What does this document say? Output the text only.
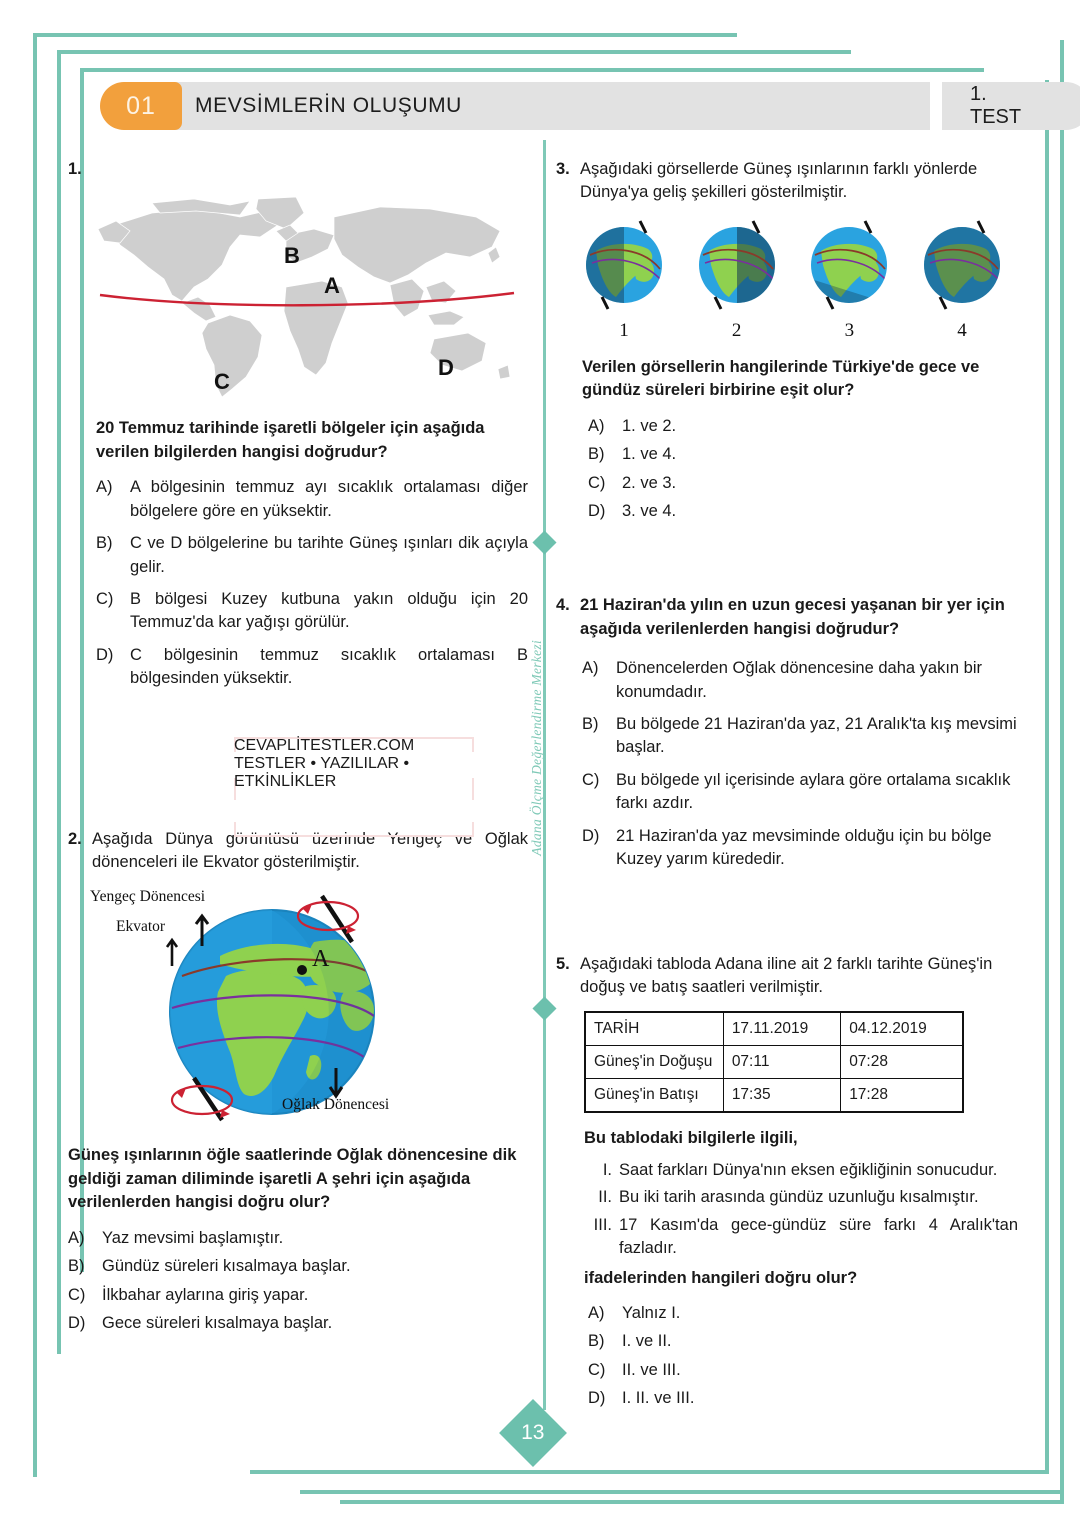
01	MEVSİMLERİN OLUŞUMU	1. TEST
Adana Ölçme Değerlendirme Merkezi
1.
B
A
C
D
20 Temmuz tarihinde işaretli bölgeler için aşağıda verilen bilgilerden hangisi doğrudur?
A)	A bölgesinin temmuz ayı sıcaklık ortalaması diğer bölgelere göre en yüksektir.
B)	C ve D bölgelerine bu tarihte Güneş ışınları dik açıyla gelir.
C)	B bölgesi Kuzey kutbuna yakın olduğu için 20 Temmuz'da kar yağışı görülür.
D)	C bölgesinin temmuz sıcaklık ortalaması B bölgesinden yüksektir.
2. Aşağıda Dünya görüntüsü üzerinde Yengeç ve Oğlak dönenceleri ile Ekvator gösterilmiştir.
Yengeç Dönencesi
Ekvator
Oğlak Dönencesi
A
Güneş ışınlarının öğle saatlerinde Oğlak dönencesine dik geldiği zaman diliminde işaretli A şehri için aşağıda verilenlerden hangisi doğru olur?
A)	Yaz mevsimi başlamıştır.
B)	Gündüz süreleri kısalmaya başlar.
C)	İlkbahar aylarına giriş yapar.
D)	Gece süreleri kısalmaya başlar.
CEVAPLİTESTLER.COM
TESTLER • YAZILILAR • ETKİNLİKLER
3. Aşağıdaki görsellerde Güneş ışınlarının farklı yönlerde Dünya'ya geliş şekilleri gösterilmiştir.
1	2	3	4
Verilen görsellerin hangilerinde Türkiye'de gece ve gündüz süreleri birbirine eşit olur?
A)	1. ve 2.
B)	1. ve 4.
C)	2. ve 3.
D)	3. ve 4.
4. 21 Haziran'da yılın en uzun gecesi yaşanan bir yer için aşağıda verilenlerden hangisi doğrudur?
A)	Dönencelerden Oğlak dönencesine daha yakın bir konumdadır.
B)	Bu bölgede 21 Haziran'da yaz, 21 Aralık'ta kış mevsimi başlar.
C)	Bu bölgede yıl içerisinde aylara göre ortalama sıcaklık farkı azdır.
D)	21 Haziran'da yaz mevsiminde olduğu için bu bölge Kuzey yarım kürededir.
5. Aşağıdaki tabloda Adana iline ait 2 farklı tarihte Güneş'in doğuş ve batış saatleri verilmiştir.
TARİH	17.11.2019	04.12.2019
Güneş'in Doğuşu	07:11	07:28
Güneş'in Batışı	17:35	17:28
Bu tablodaki bilgilerle ilgili,
I. Saat farkları Dünya'nın eksen eğikliğinin sonucudur.
II. Bu iki tarih arasında gündüz uzunluğu kısalmıştır.
III. 17 Kasım'da gece-gündüz süre farkı 4 Aralık'tan fazladır.
ifadelerinden hangileri doğru olur?
A)	Yalnız I.
B)	I. ve II.
C)	II. ve III.
D)	I. II. ve III.
13
